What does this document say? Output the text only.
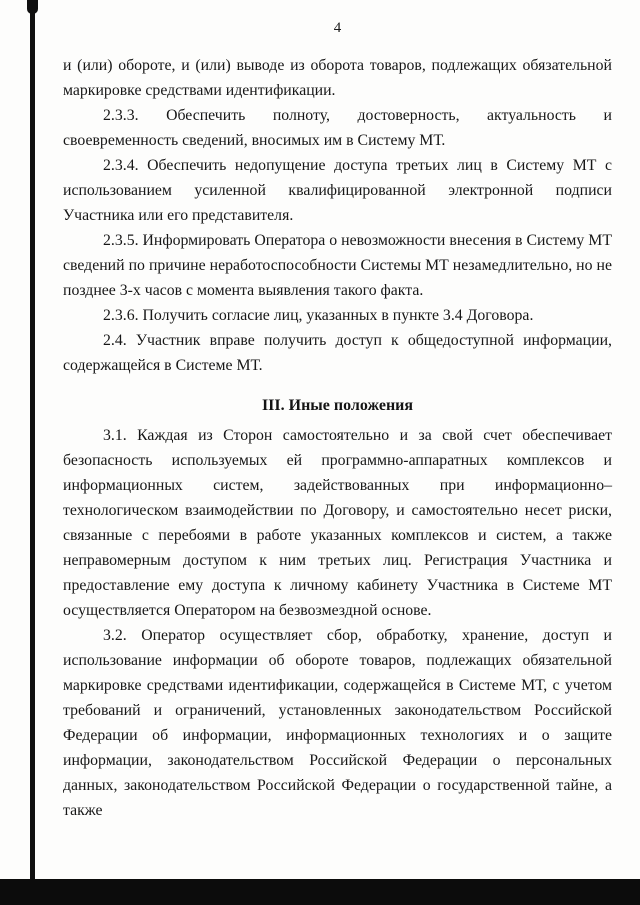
4

и (или) обороте, и (или) выводе из оборота товаров, подлежащих обязательной маркировке средствами идентификации.

2.3.3. Обеспечить полноту, достоверность, актуальность и своевременность сведений, вносимых им в Систему МТ.

2.3.4. Обеспечить недопущение доступа третьих лиц в Систему МТ с использованием усиленной квалифицированной электронной подписи Участника или его представителя.

2.3.5. Информировать Оператора о невозможности внесения в Систему МТ сведений по причине неработоспособности Системы МТ незамедлительно, но не позднее 3-х часов с момента выявления такого факта.

2.3.6. Получить согласие лиц, указанных в пункте 3.4 Договора.

2.4. Участник вправе получить доступ к общедоступной информации, содержащейся в Системе МТ.

III. Иные положения

3.1. Каждая из Сторон самостоятельно и за свой счет обеспечивает безопасность используемых ей программно-аппаратных комплексов и информационных систем, задействованных при информационно–технологическом взаимодействии по Договору, и самостоятельно несет риски, связанные с перебоями в работе указанных комплексов и систем, а также неправомерным доступом к ним третьих лиц. Регистрация Участника и предоставление ему доступа к личному кабинету Участника в Системе МТ осуществляется Оператором на безвозмездной основе.

3.2. Оператор осуществляет сбор, обработку, хранение, доступ и использование информации об обороте товаров, подлежащих обязательной маркировке средствами идентификации, содержащейся в Системе МТ, с учетом требований и ограничений, установленных законодательством Российской Федерации об информации, информационных технологиях и о защите информации, законодательством Российской Федерации о персональных данных, законодательством Российской Федерации о государственной тайне, а также
